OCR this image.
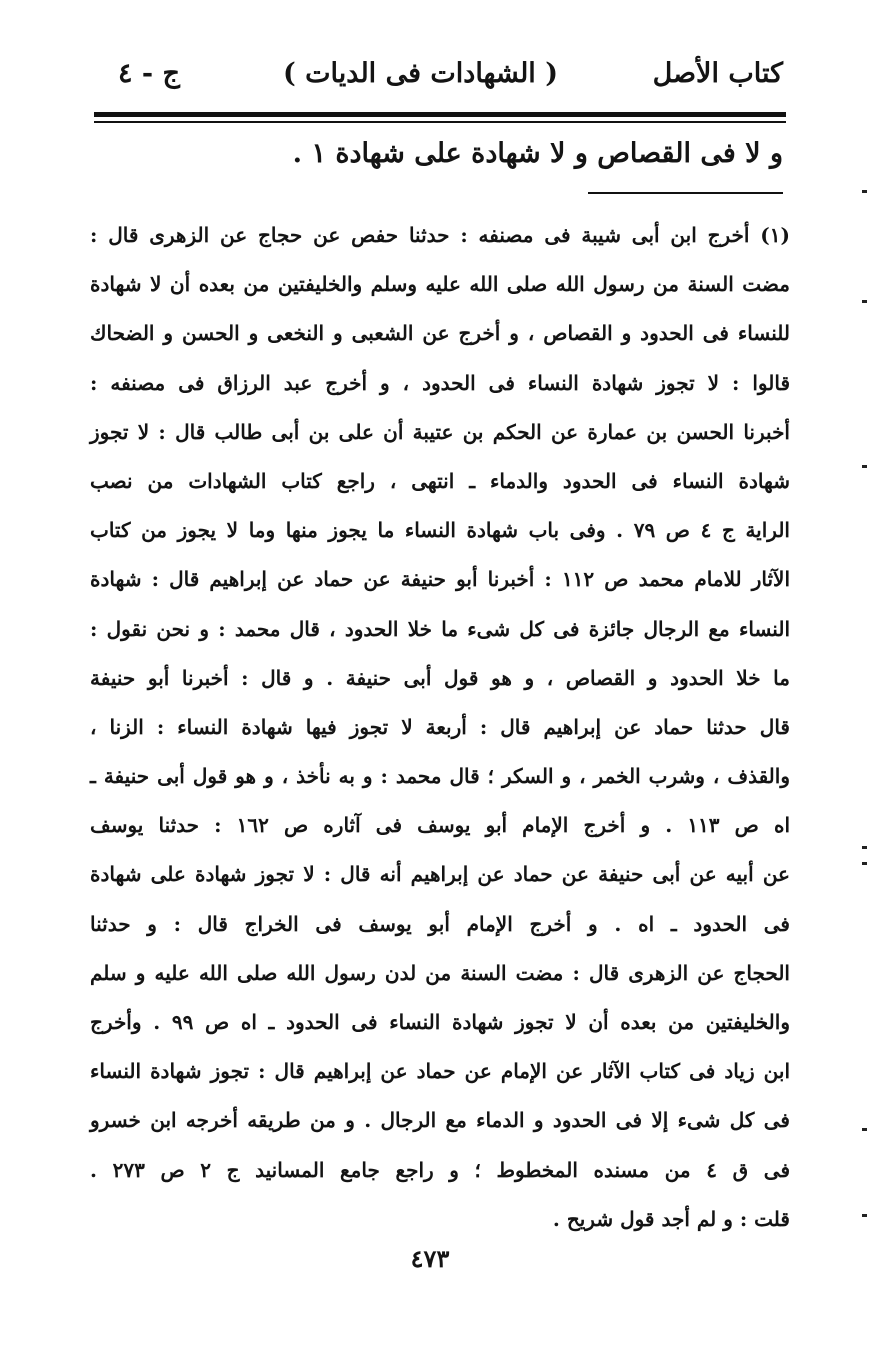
كتاب الأصل
( الشهادات فى الديات )
ج - ٤
و لا فى القصاص و لا شهادة على شهادة ۱ .
(۱) أخرج ابن أبى شيبة فى مصنفه : حدثنا حفص عن حجاج عن الزهرى قال :
مضت السنة من رسول الله صلى الله عليه وسلم والخليفتين من بعده أن لا شهادة
للنساء فى الحدود و القصاص ، و أخرج عن الشعبى و النخعى و الحسن و الضحاك
قالوا : لا تجوز شهادة النساء فى الحدود ، و أخرج عبد الرزاق فى مصنفه :
أخبرنا الحسن بن عمارة عن الحكم بن عتيبة أن على بن أبى طالب قال : لا تجوز
شهادة النساء فى الحدود والدماء ـ انتهى ، راجع كتاب الشهادات من نصب
الراية ج ٤ ص ٧٩ . وفى باب شهادة النساء ما يجوز منها وما لا يجوز من كتاب
الآثار للامام محمد ص ١١٢ : أخبرنا أبو حنيفة عن حماد عن إبراهيم قال : شهادة
النساء مع الرجال جائزة فى كل شىء ما خلا الحدود ، قال محمد : و نحن نقول :
ما خلا الحدود و القصاص ، و هو قول أبى حنيفة . و قال : أخبرنا أبو حنيفة
قال حدثنا حماد عن إبراهيم قال : أربعة لا تجوز فيها شهادة النساء : الزنا ،
والقذف ، وشرب الخمر ، و السكر ؛ قال محمد : و به نأخذ ، و هو قول أبى حنيفة ـ
اه ص ١١٣ . و أخرج الإمام أبو يوسف فى آثاره ص ١٦٢ : حدثنا يوسف
عن أبيه عن أبى حنيفة عن حماد عن إبراهيم أنه قال : لا تجوز شهادة على شهادة
فى الحدود ـ اه . و أخرج الإمام أبو يوسف فى الخراج قال : و حدثنا
الحجاج عن الزهرى قال : مضت السنة من لدن رسول الله صلى الله عليه و سلم
والخليفتين من بعده أن لا تجوز شهادة النساء فى الحدود ـ اه ص ٩٩ . وأخرج
ابن زياد فى كتاب الآثار عن الإمام عن حماد عن إبراهيم قال : تجوز شهادة النساء
فى كل شىء إلا فى الحدود و الدماء مع الرجال . و من طريقه أخرجه ابن خسرو
فى ق ٤ من مسنده المخطوط ؛ و راجع جامع المسانيد ج ٢ ص ٢٧٣ .
قلت : و لم أجد قول شريح .
٤٧٣
